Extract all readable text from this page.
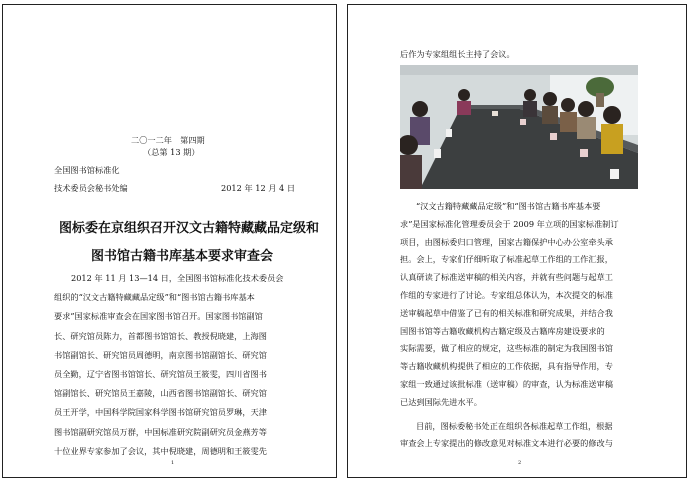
二〇一二年　第四期
（总第 13 期）
全国图书馆标准化
技术委员会秘书处编	2012 年 12 月 4 日
图标委在京组织召开汉文古籍特藏藏品定级和
图书馆古籍书库基本要求审查会
2012 年 11 月 13—14 日，全国图书馆标准化技术委员会
组织的“汉文古籍特藏藏品定级”和“图书馆古籍书库基本
要求”国家标准审查会在国家图书馆召开。国家图书馆副馆
长、研究馆员陈力，首都图书馆馆长、教授倪晓建，上海图
书馆副馆长、研究馆员周德明，南京图书馆副馆长、研究馆
员全勤，辽宁省图书馆馆长、研究馆员王筱雯，四川省图书
馆副馆长、研究馆员王嘉陵，山西省图书馆副馆长、研究馆
员王开学，中国科学院国家科学图书馆研究馆员罗琳，天津
图书馆副研究馆员万群，中国标准研究院副研究员金燕芳等
十位业界专家参加了会议，其中倪晓建，周德明和王筱雯先
1
后作为专家组组长主持了会议。
“汉文古籍特藏藏品定级”和“图书馆古籍书库基本要
求”是国家标准化管理委员会于 2009 年立项的国家标准制订
项目，由图标委归口管理，国家古籍保护中心办公室牵头承
担。会上，专家们仔细听取了标准起草工作组的工作汇报，
认真研读了标准送审稿的相关内容，并就有些问题与起草工
作组的专家进行了讨论。专家组总体认为，本次提交的标准
送审稿起草中借鉴了已有的相关标准和研究成果，并结合我
国图书馆等古籍收藏机构古籍定级及古籍库房建设要求的
实际需要，做了相应的规定，这些标准的制定为我国图书馆
等古籍收藏机构提供了相应的工作依据，具有指导作用，专
家组一致通过该批标准（送审稿）的审查，认为标准送审稿
已达到国际先进水平。
目前，图标委秘书处正在组织各标准起草工作组，根据
审查会上专家提出的修改意见对标准文本进行必要的修改与
2
